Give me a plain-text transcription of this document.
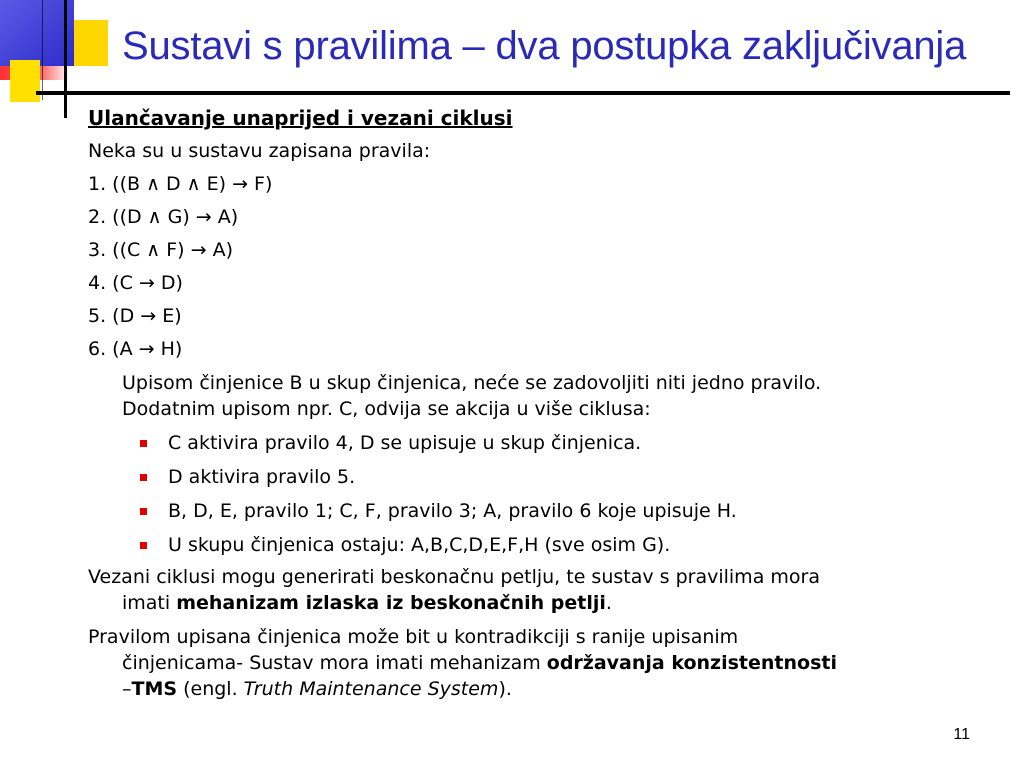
Sustavi s pravilima – dva postupka zaključivanja
Ulančavanje unaprijed i vezani ciklusi
Neka su u sustavu zapisana pravila:
1. ((B ∧ D ∧ E) → F)
2. ((D ∧ G) → A)
3. ((C ∧ F) → A)
4. (C → D)
5. (D → E)
6. (A → H)
Upisom činjenice B u skup činjenica, neće se zadovoljiti niti jedno pravilo.
Dodatnim upisom npr. C, odvija se akcija u više ciklusa:
C aktivira pravilo 4, D se upisuje u skup činjenica.
D aktivira pravilo 5.
B, D, E, pravilo 1; C, F, pravilo 3; A, pravilo 6 koje upisuje H.
U skupu činjenica ostaju: A,B,C,D,E,F,H (sve osim G).
Vezani ciklusi mogu generirati beskonačnu petlju, te sustav s pravilima mora
imati mehanizam izlaska iz beskonačnih petlji.
Pravilom upisana činjenica može bit u kontradikciji s ranije upisanim
činjenicama- Sustav mora imati mehanizam održavanja konzistentnosti
–TMS (engl. Truth Maintenance System).
11
